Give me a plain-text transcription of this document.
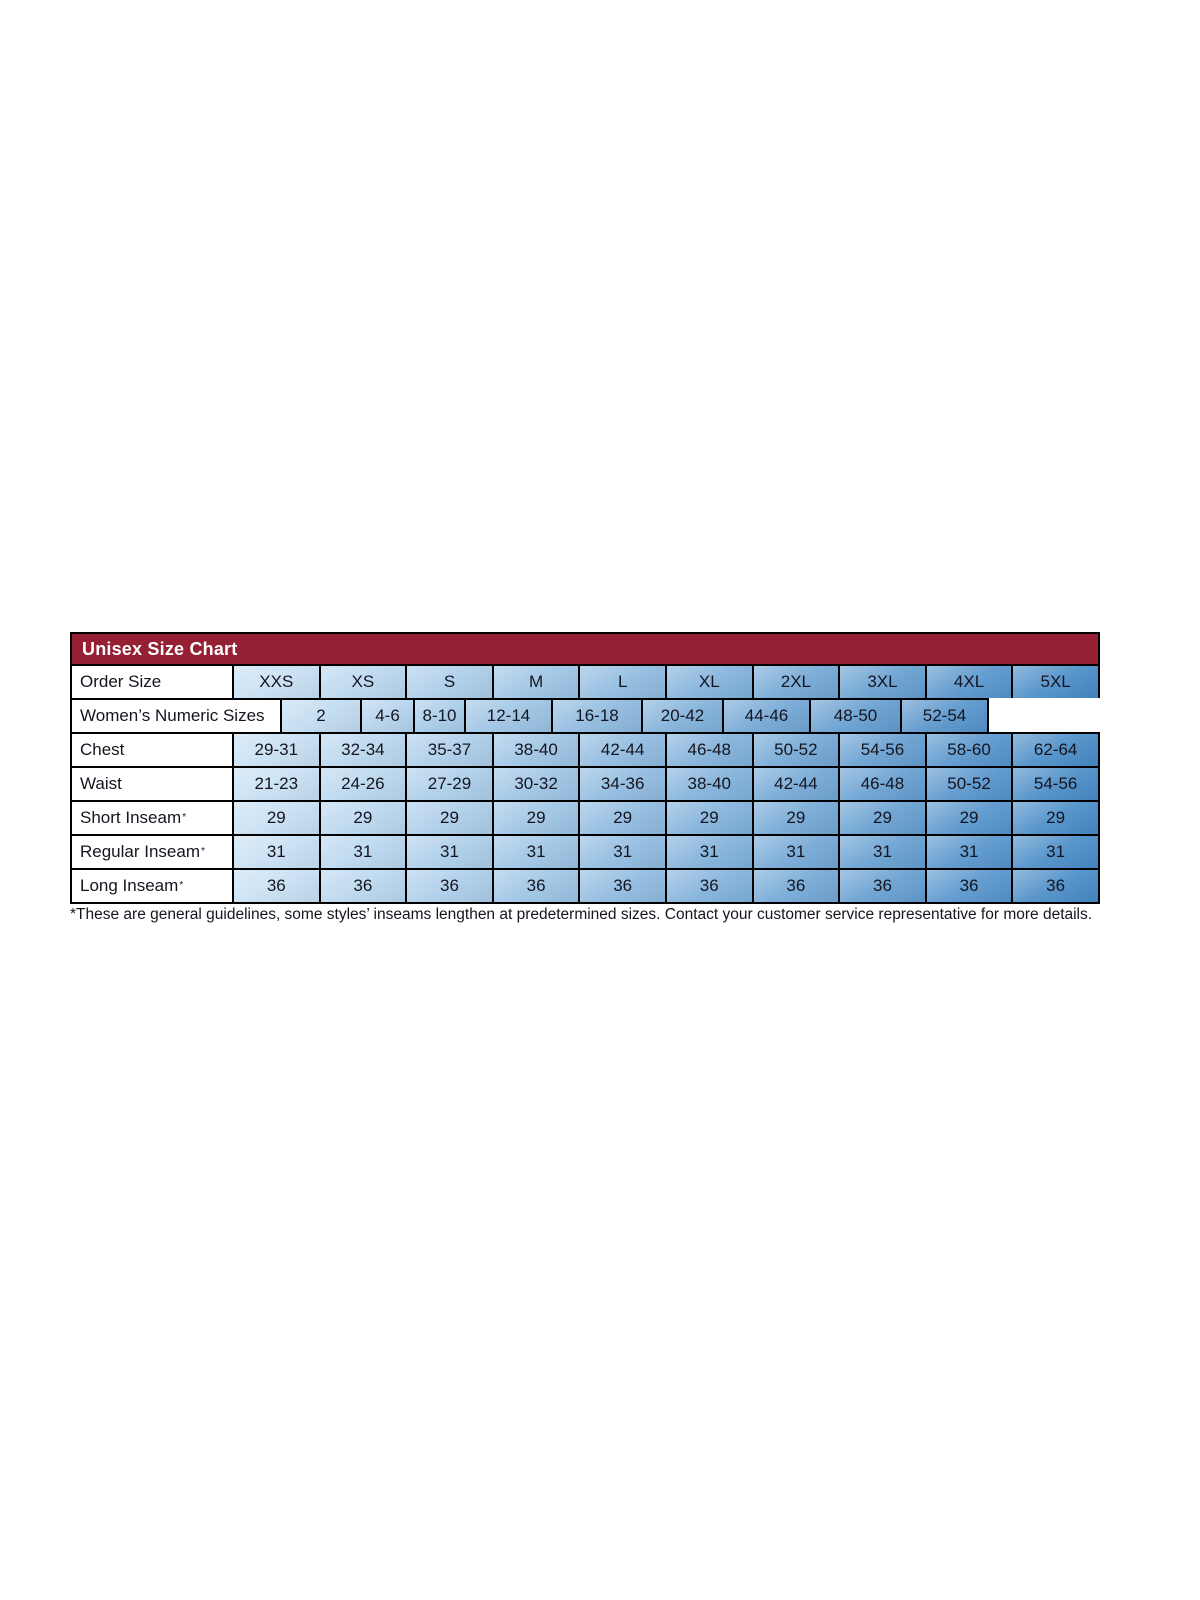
Unisex Size Chart
Order Size	XXS	XS	S	M	L	XL	2XL	3XL	4XL	5XL
Women’s Numeric Sizes	2	4-6	8-10	12-14	16-18	20-42	44-46	48-50	52-54
Chest	29-31	32-34	35-37	38-40	42-44	46-48	50-52	54-56	58-60	62-64
Waist	21-23	24-26	27-29	30-32	34-36	38-40	42-44	46-48	50-52	54-56
Short Inseam *	29	29	29	29	29	29	29	29	29	29
Regular Inseam *	31	31	31	31	31	31	31	31	31	31
Long Inseam *	36	36	36	36	36	36	36	36	36	36
*These are general guidelines, some styles’ inseams lengthen at predetermined sizes. Contact your customer service representative for more details.
